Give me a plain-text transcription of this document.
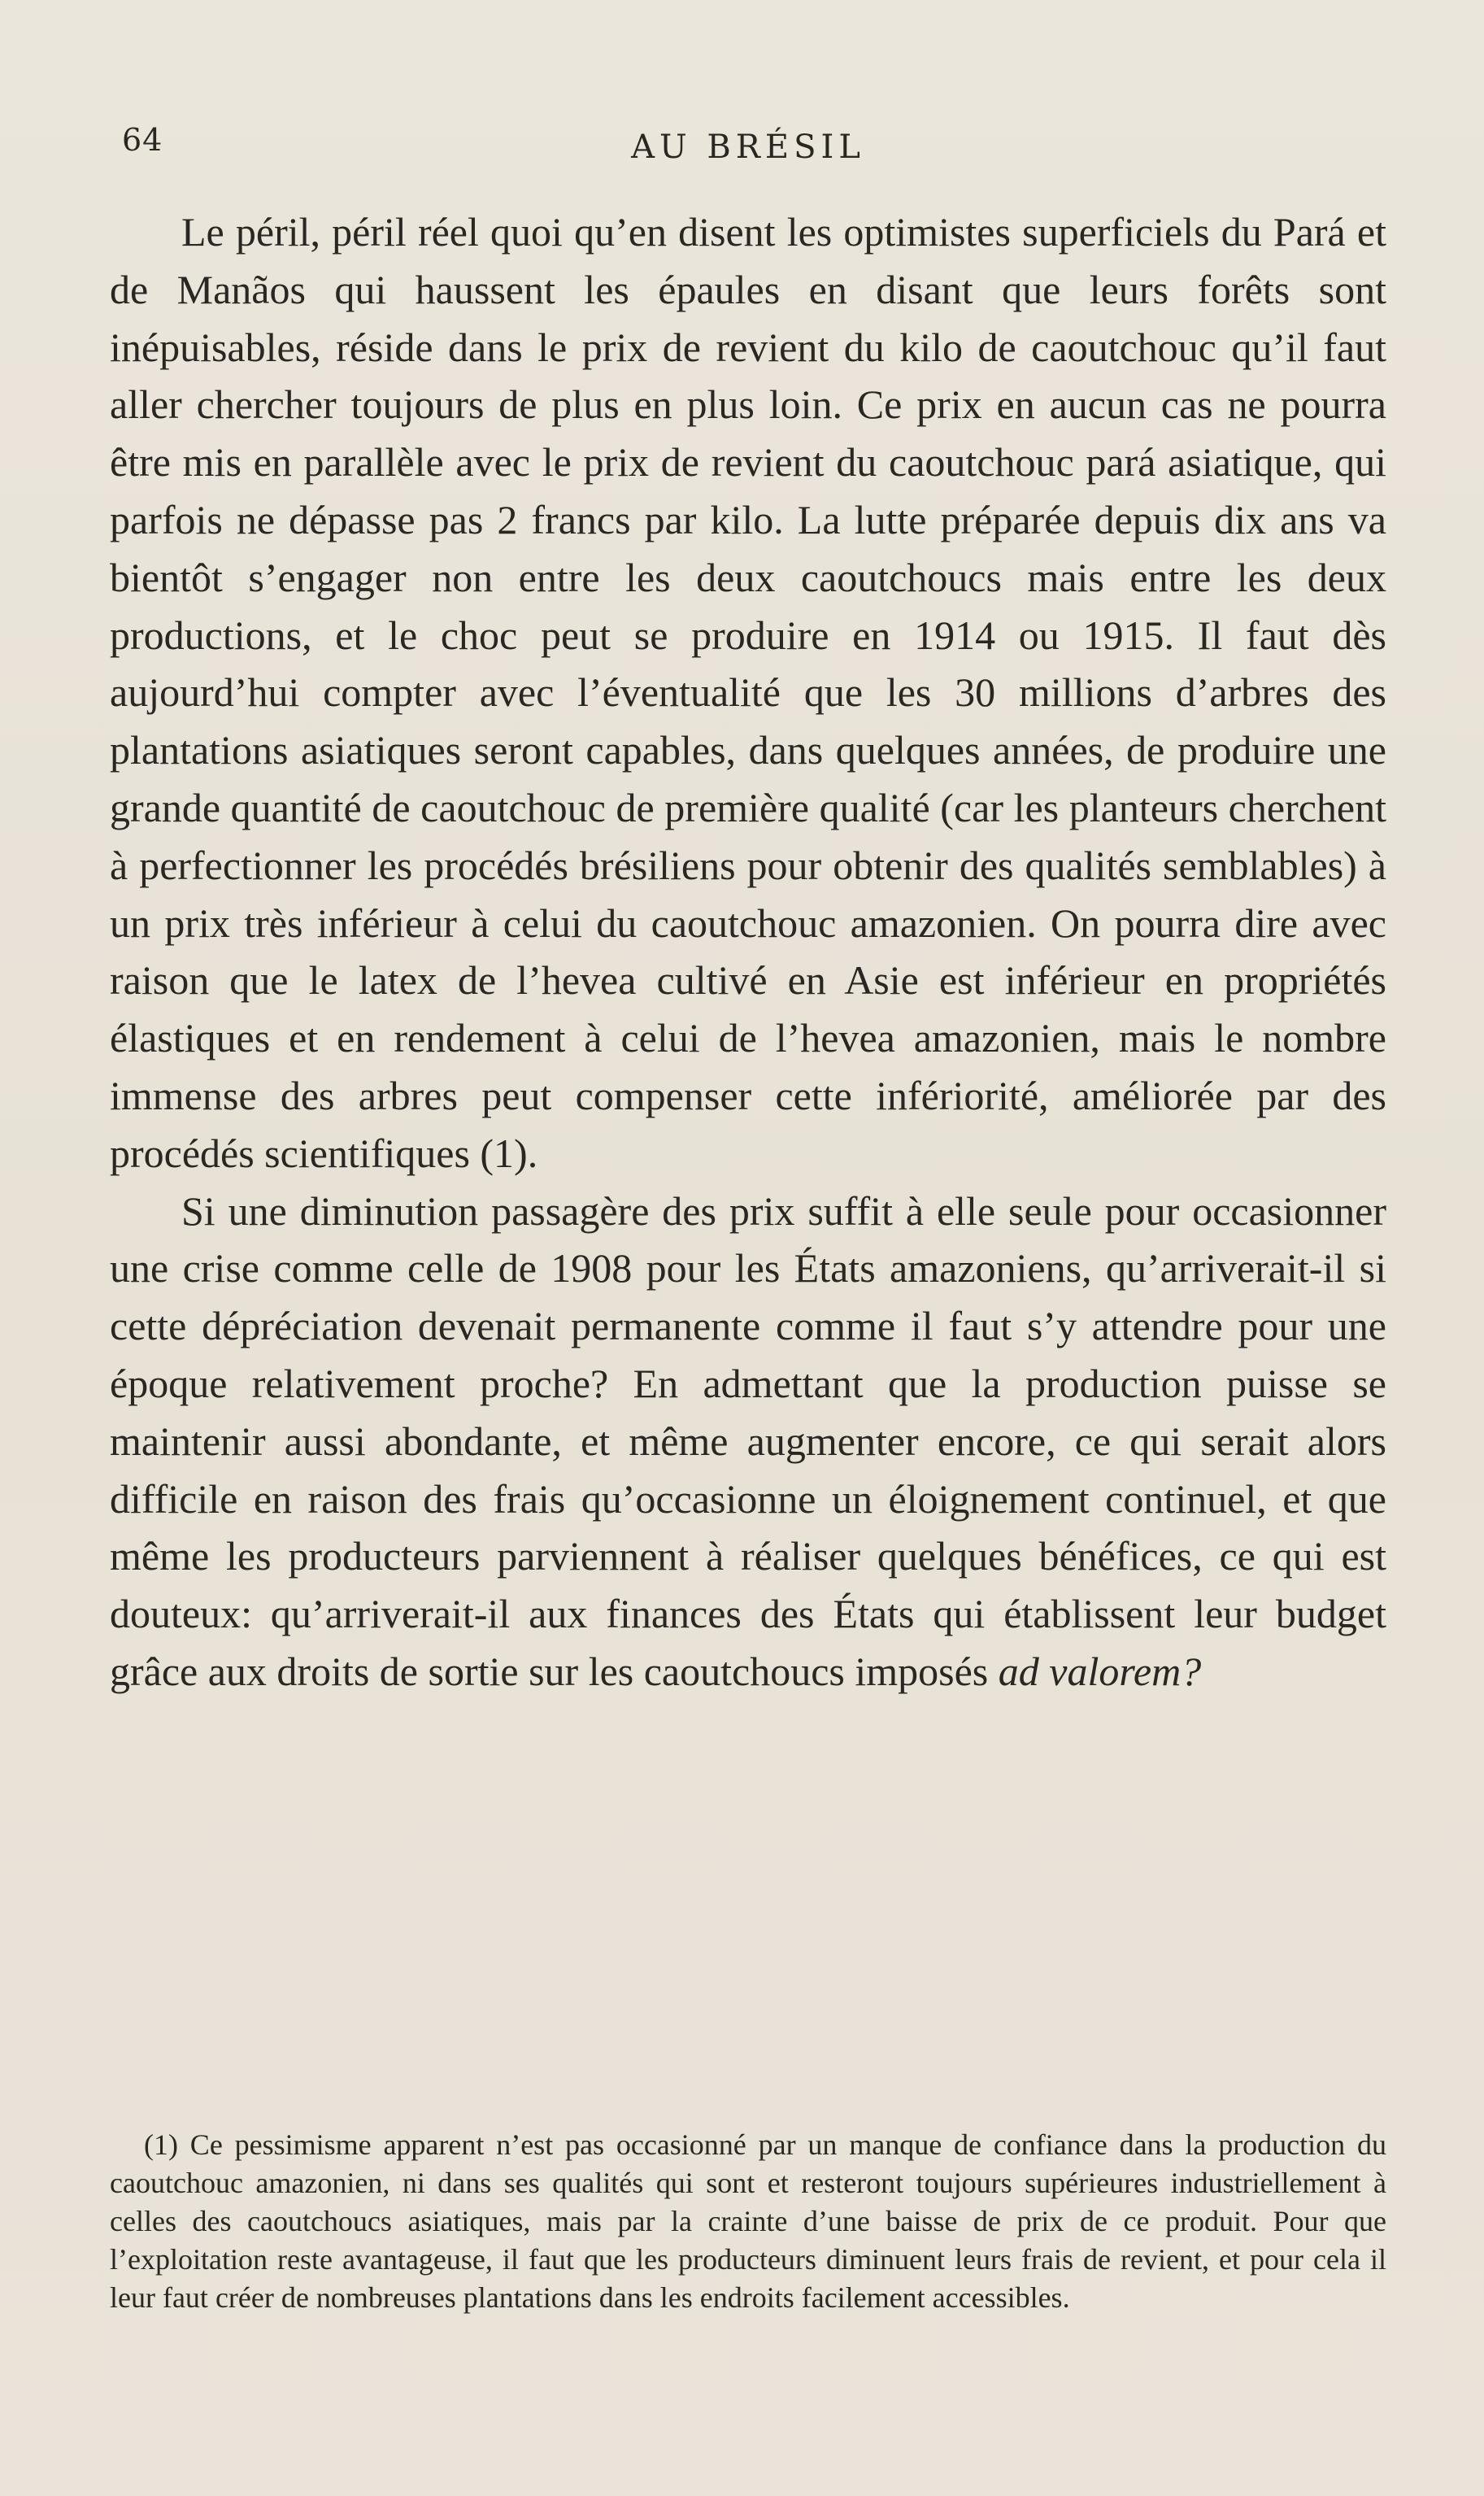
64	AU BRÉSIL

Le péril, péril réel quoi qu’en disent les optimistes superficiels du Pará et de Manãos qui haussent les épaules en disant que leurs forêts sont inépuisables, réside dans le prix de revient du kilo de caoutchouc qu’il faut aller chercher toujours de plus en plus loin. Ce prix en aucun cas ne pourra être mis en parallèle avec le prix de revient du caoutchouc pará asiatique, qui parfois ne dépasse pas 2 francs par kilo. La lutte préparée depuis dix ans va bientôt s’engager non entre les deux caoutchoucs mais entre les deux productions, et le choc peut se produire en 1914 ou 1915. Il faut dès aujourd’hui compter avec l’éventualité que les 30 millions d’arbres des plantations asiatiques seront capables, dans quelques années, de produire une grande quantité de caoutchouc de première qualité (car les planteurs cherchent à perfectionner les procédés brésiliens pour obtenir des qualités semblables) à un prix très inférieur à celui du caoutchouc amazonien. On pourra dire avec raison que le latex de l’hevea cultivé en Asie est inférieur en propriétés élastiques et en rendement à celui de l’hevea amazonien, mais le nombre immense des arbres peut compenser cette infériorité, améliorée par des procédés scientifiques (1).

Si une diminution passagère des prix suffit à elle seule pour occasionner une crise comme celle de 1908 pour les États amazoniens, qu’arriverait-il si cette dépréciation devenait permanente comme il faut s’y attendre pour une époque relativement proche? En admettant que la production puisse se maintenir aussi abondante, et même augmenter encore, ce qui serait alors difficile en raison des frais qu’occasionne un éloignement continuel, et que même les producteurs parviennent à réaliser quelques bénéfices, ce qui est douteux: qu’arriverait-il aux finances des États qui établissent leur budget grâce aux droits de sortie sur les caoutchoucs imposés ad valorem?

(1) Ce pessimisme apparent n’est pas occasionné par un manque de confiance dans la production du caoutchouc amazonien, ni dans ses qualités qui sont et resteront toujours supérieures industriellement à celles des caoutchoucs asiatiques, mais par la crainte d’une baisse de prix de ce produit. Pour que l’exploitation reste avantageuse, il faut que les producteurs diminuent leurs frais de revient, et pour cela il leur faut créer de nombreuses plantations dans les endroits facilement accessibles.
